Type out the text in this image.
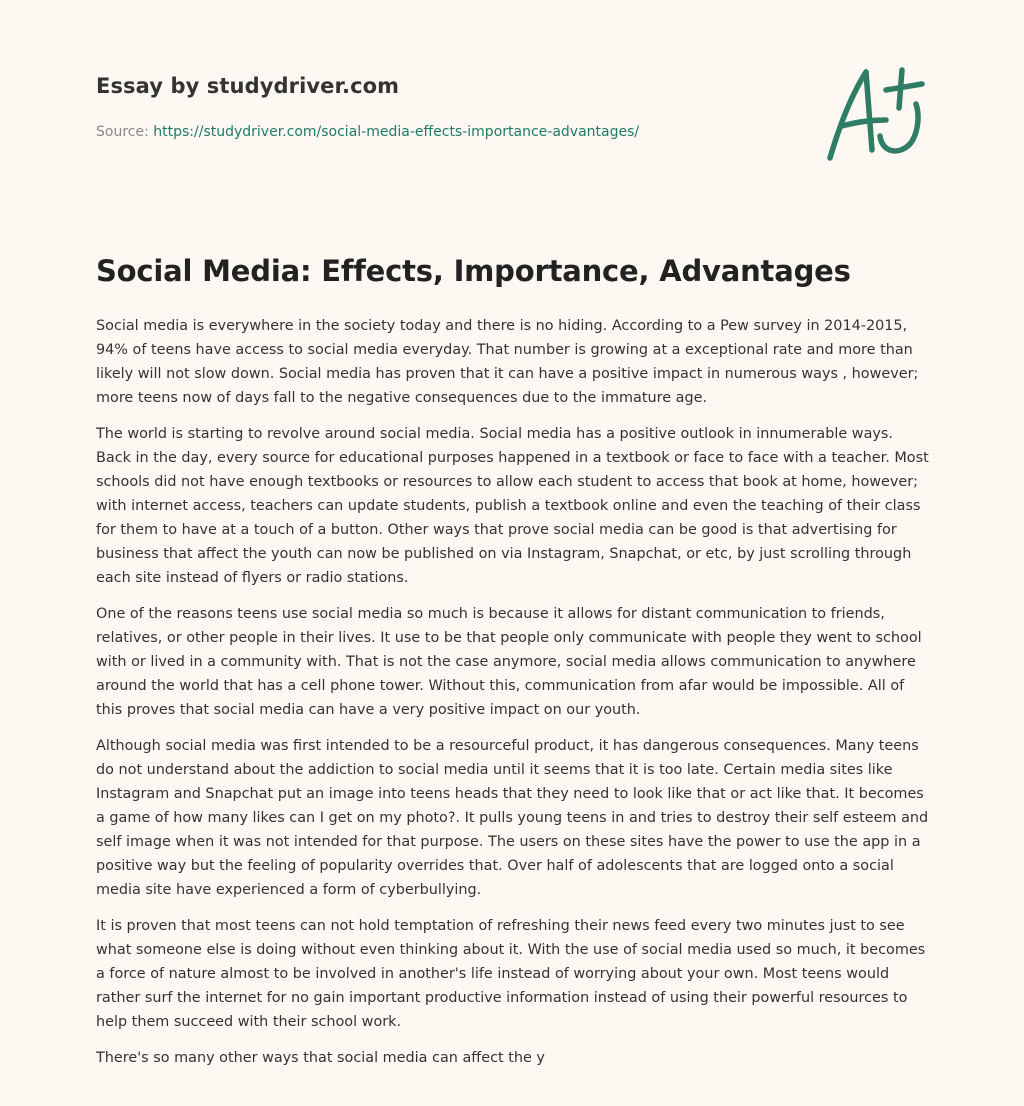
Essay by studydriver.com
Source: https://studydriver.com/social-media-effects-importance-advantages/
Social Media: Effects, Importance, Advantages

Social media is everywhere in the society today and there is no hiding. According to a Pew survey in 2014-2015, 94% of teens have access to social media everyday. That number is growing at a exceptional rate and more than likely will not slow down. Social media has proven that it can have a positive impact in numerous ways , however; more teens now of days fall to the negative consequences due to the immature age.

The world is starting to revolve around social media. Social media has a positive outlook in innumerable ways. Back in the day, every source for educational purposes happened in a textbook or face to face with a teacher. Most schools did not have enough textbooks or resources to allow each student to access that book at home, however; with internet access, teachers can update students, publish a textbook online and even the teaching of their class for them to have at a touch of a button. Other ways that prove social media can be good is that advertising for business that affect the youth can now be published on via Instagram, Snapchat, or etc, by just scrolling through each site instead of flyers or radio stations.

One of the reasons teens use social media so much is because it allows for distant communication to friends, relatives, or other people in their lives. It use to be that people only communicate with people they went to school with or lived in a community with. That is not the case anymore, social media allows communication to anywhere around the world that has a cell phone tower. Without this, communication from afar would be impossible. All of this proves that social media can have a very positive impact on our youth.

Although social media was first intended to be a resourceful product, it has dangerous consequences. Many teens do not understand about the addiction to social media until it seems that it is too late. Certain media sites like Instagram and Snapchat put an image into teens heads that they need to look like that or act like that. It becomes a game of how many likes can I get on my photo?. It pulls young teens in and tries to destroy their self esteem and self image when it was not intended for that purpose. The users on these sites have the power to use the app in a positive way but the feeling of popularity overrides that. Over half of adolescents that are logged onto a social media site have experienced a form of cyberbullying.

It is proven that most teens can not hold temptation of refreshing their news feed every two minutes just to see what someone else is doing without even thinking about it. With the use of social media used so much, it becomes a force of nature almost to be involved in another's life instead of worrying about your own. Most teens would rather surf the internet for no gain important productive information instead of using their powerful resources to help them succeed with their school work.

There's so many other ways that social media can affect the y
